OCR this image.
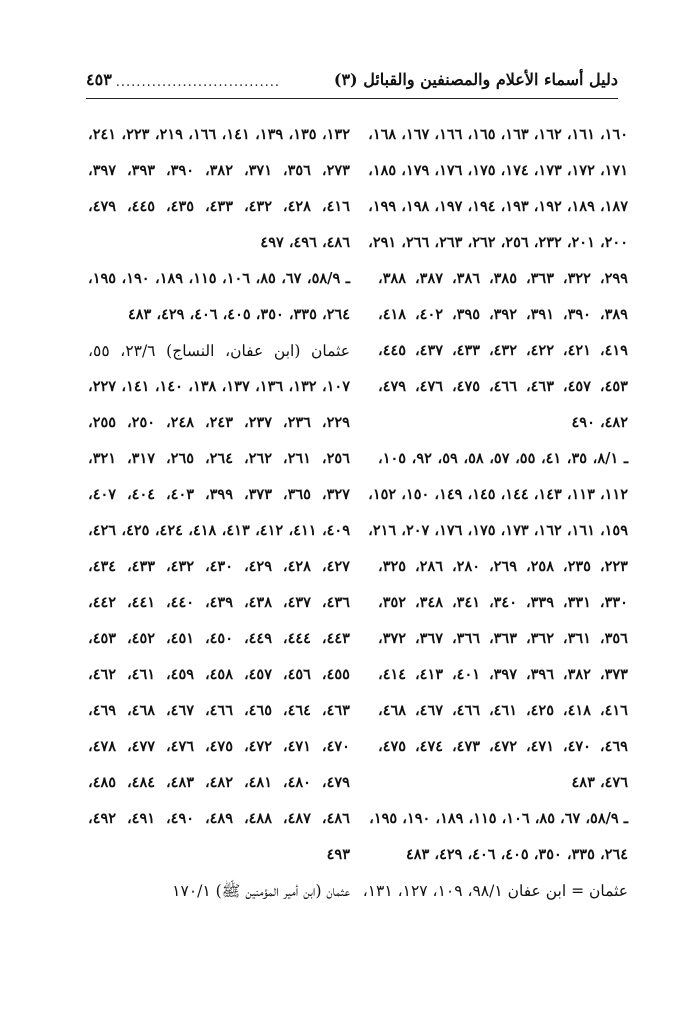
دليل أسماء الأعلام والمصنفين والقبائل (٣)
................................
٤٥٣
١٦٠، ١٦١، ١٦٢، ١٦٣، ١٦٥، ١٦٦، ١٦٧، ١٦٨،
١٧١، ١٧٢، ١٧٣، ١٧٤، ١٧٥، ١٧٦، ١٧٩، ١٨٥،
١٨٧، ١٨٩، ١٩٢، ١٩٣، ١٩٤، ١٩٧، ١٩٨، ١٩٩،
٢٠٠، ٢٠١، ٢٣٢، ٢٥٦، ٢٦٢، ٢٦٣، ٢٦٦، ٢٩١،
٢٩٩، ٣٢٢، ٣٦٣، ٣٨٥، ٣٨٦، ٣٨٧، ٣٨٨،
٣٨٩، ٣٩٠، ٣٩١، ٣٩٢، ٣٩٥، ٤٠٢، ٤١٨،
٤١٩، ٤٢١، ٤٢٢، ٤٣٢، ٤٣٣، ٤٣٧، ٤٤٥،
٤٥٣، ٤٥٧، ٤٦٣، ٤٦٦، ٤٧٥، ٤٧٦، ٤٧٩،
٤٨٢، ٤٩٠
ـ ٨/١، ٣٥، ٤١، ٥٥، ٥٧، ٥٨، ٥٩، ٩٢، ١٠٥،
١١٢، ١١٣، ١٤٣، ١٤٤، ١٤٥، ١٤٩، ١٥٠، ١٥٢،
١٥٩، ١٦١، ١٦٢، ١٧٣، ١٧٥، ١٧٦، ٢٠٧، ٢١٦،
٢٢٣، ٢٣٥، ٢٥٨، ٢٦٩، ٢٨٠، ٢٨٦، ٣٢٥،
٣٣٠، ٣٣١، ٣٣٩، ٣٤٠، ٣٤١، ٣٤٨، ٣٥٢،
٣٥٦، ٣٦١، ٣٦٢، ٣٦٣، ٣٦٦، ٣٦٧، ٣٧٢،
٣٧٣، ٣٨٢، ٣٩٦، ٣٩٧، ٤٠١، ٤١٣، ٤١٤،
٤١٦، ٤١٨، ٤٢٥، ٤٦١، ٤٦٦، ٤٦٧، ٤٦٨،
٤٦٩، ٤٧٠، ٤٧١، ٤٧٢، ٤٧٣، ٤٧٤، ٤٧٥،
٤٧٦، ٤٨٣
ـ ٥٨/٩، ٦٧، ٨٥، ١٠٦، ١١٥، ١٨٩، ١٩٠، ١٩٥،
٢٦٤، ٣٣٥، ٣٥٠، ٤٠٥، ٤٠٦، ٤٢٩، ٤٨٣
عثمان = ابن عفان ٩٨/١، ١٠٩، ١٢٧، ١٣١،
١٣٢، ١٣٥، ١٣٩، ١٤١، ١٦٦، ٢١٩، ٢٢٣، ٢٤١،
٢٧٣، ٣٥٦، ٣٧١، ٣٨٢، ٣٩٠، ٣٩٣، ٣٩٧،
٤١٦، ٤٢٨، ٤٣٢، ٤٣٣، ٤٣٥، ٤٤٥، ٤٧٩،
٤٨٦، ٤٩٦، ٤٩٧
ـ ٥٨/٩، ٦٧، ٨٥، ١٠٦، ١١٥، ١٨٩، ١٩٠، ١٩٥،
٢٦٤، ٣٣٥، ٣٥٠، ٤٠٥، ٤٠٦، ٤٢٩، ٤٨٣
عثمان (ابن عفان، النساج) ٢٣/٦، ٥٥،
١٠٧، ١٣٢، ١٣٦، ١٣٧، ١٣٨، ١٤٠، ١٤١، ٢٢٧،
٢٢٩، ٢٣٦، ٢٣٧، ٢٤٣، ٢٤٨، ٢٥٠، ٢٥٥،
٢٥٦، ٢٦١، ٢٦٢، ٢٦٤، ٢٦٥، ٣١٧، ٣٢١،
٣٢٧، ٣٦٥، ٣٧٣، ٣٩٩، ٤٠٣، ٤٠٤، ٤٠٧،
٤٠٩، ٤١١، ٤١٢، ٤١٣، ٤١٨، ٤٢٤، ٤٢٥، ٤٢٦،
٤٢٧، ٤٢٨، ٤٢٩، ٤٣٠، ٤٣٢، ٤٣٣، ٤٣٤،
٤٣٦، ٤٣٧، ٤٣٨، ٤٣٩، ٤٤٠، ٤٤١، ٤٤٢،
٤٤٣، ٤٤٤، ٤٤٩، ٤٥٠، ٤٥١، ٤٥٢، ٤٥٣،
٤٥٥، ٤٥٦، ٤٥٧، ٤٥٨، ٤٥٩، ٤٦١، ٤٦٢،
٤٦٣، ٤٦٤، ٤٦٥، ٤٦٦، ٤٦٧، ٤٦٨، ٤٦٩،
٤٧٠، ٤٧١، ٤٧٢، ٤٧٥، ٤٧٦، ٤٧٧، ٤٧٨،
٤٧٩، ٤٨٠، ٤٨١، ٤٨٢، ٤٨٣، ٤٨٤، ٤٨٥،
٤٨٦، ٤٨٧، ٤٨٨، ٤٨٩، ٤٩٠، ٤٩١، ٤٩٢،
٤٩٣
عثمان (ابن أمير المؤمنين ﷺ) ١٧٠/١
